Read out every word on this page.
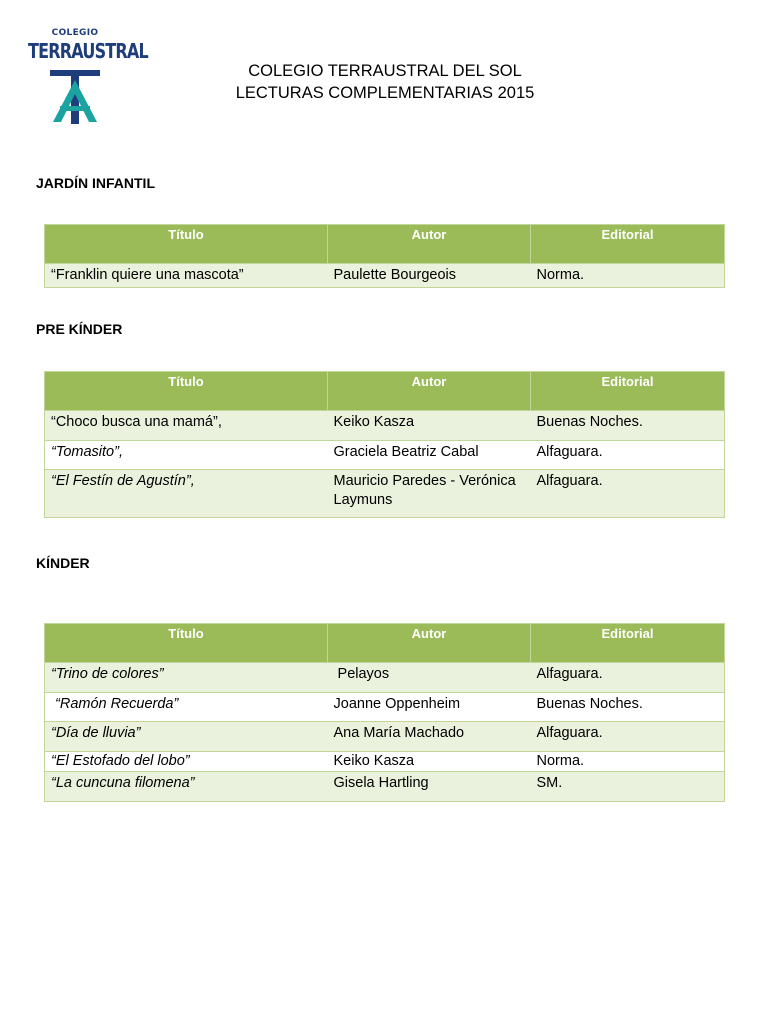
COLEGIO
TERRAUSTRAL
COLEGIO TERRAUSTRAL DEL SOL
LECTURAS COMPLEMENTARIAS 2015
JARDÍN INFANTIL
Título	Autor	Editorial
“Franklin quiere una mascota”	Paulette Bourgeois	Norma.
PRE KÍNDER
Título	Autor	Editorial
“Choco busca una mamá”,	Keiko Kasza	Buenas Noches.
“Tomasito”,	Graciela Beatriz Cabal	Alfaguara.
“El Festín de Agustín”,	Mauricio Paredes - Verónica Laymuns	Alfaguara.
KÍNDER
Título	Autor	Editorial
“Trino de colores”	Pelayos	Alfaguara.
“Ramón Recuerda”	Joanne Oppenheim	Buenas Noches.
“Día de lluvia”	Ana María Machado	Alfaguara.
“El Estofado del lobo”	Keiko Kasza	Norma.
“La cuncuna filomena”	Gisela Hartling	SM.
